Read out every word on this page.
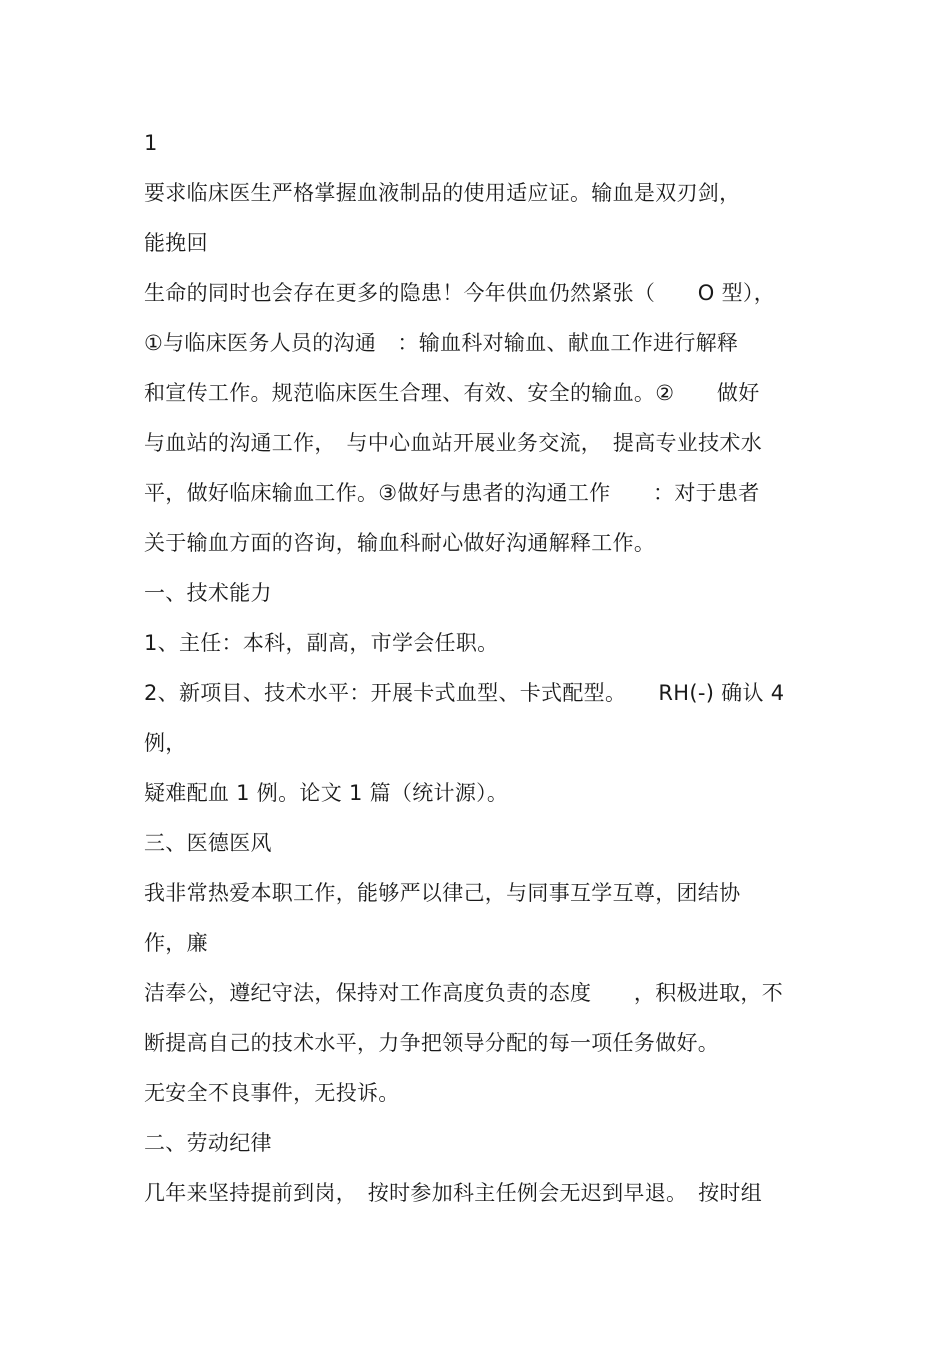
1
要求临床医生严格掌握血液制品的使用适应证。输血是双刃剑，
能挽回
生命的同时也会存在更多的隐患！今年供血仍然紧张（　　O 型），
①与临床医务人员的沟通　：输血科对输血、献血工作进行解释
和宣传工作。规范临床医生合理、有效、安全的输血。②　　做好
与血站的沟通工作，　与中心血站开展业务交流，　提高专业技术水
平，做好临床输血工作。③做好与患者的沟通工作　　：对于患者
关于输血方面的咨询，输血科耐心做好沟通解释工作。
一、技术能力
1、主任：本科，副高，市学会任职。
2、新项目、技术水平：开展卡式血型、卡式配型。　　RH(-) 确认 4
例，
疑难配血 1 例。论文 1 篇（统计源）。
三、医德医风
我非常热爱本职工作，能够严以律己，与同事互学互尊，团结协
作，廉
洁奉公，遵纪守法，保持对工作高度负责的态度　　，积极进取，不
断提高自己的技术水平，力争把领导分配的每一项任务做好。
无安全不良事件，无投诉。
二、劳动纪律
几年来坚持提前到岗，　按时参加科主任例会无迟到早退。　按时组
